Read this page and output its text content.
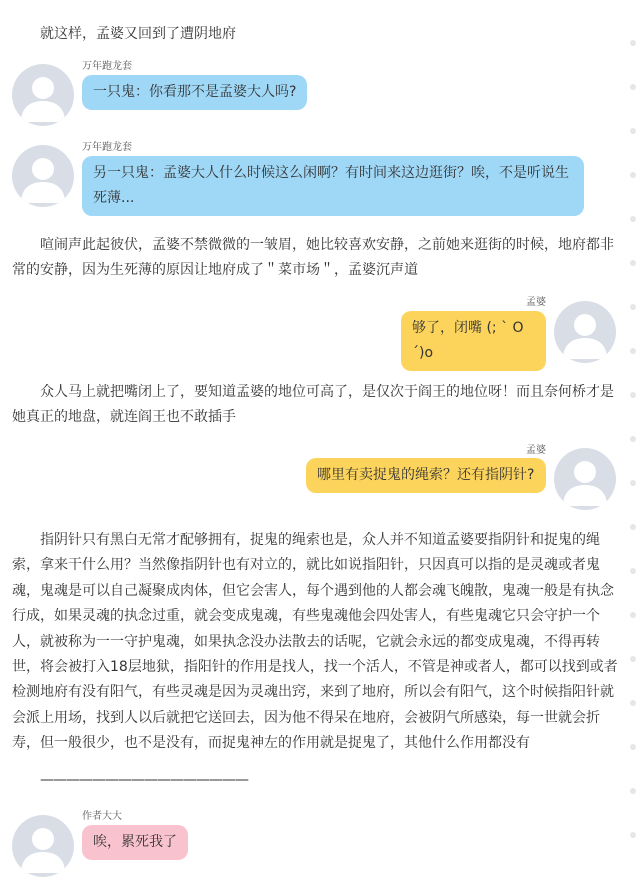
就这样，孟婆又回到了遭阴地府

万年跑龙套
一只鬼：你看那不是孟婆大人吗?
万年跑龙套
另一只鬼：孟婆大人什么时候这么闲啊？有时间来这边逛街？唉，不是听说生死薄...

喧闹声此起彼伏，孟婆不禁微微的一皱眉，她比较喜欢安静，之前她来逛街的时候，地府都非常的安静，因为生死薄的原因让地府成了＂菜市场＂，孟婆沉声道

孟婆
够了，闭嘴 (; ` O´)o

众人马上就把嘴闭上了，要知道孟婆的地位可高了，是仅次于阎王的地位呀！而且奈何桥才是她真正的地盘，就连阎王也不敢插手

孟婆
哪里有卖捉鬼的绳索？还有指阴针?

指阴针只有黑白无常才配够拥有，捉鬼的绳索也是，众人并不知道孟婆要指阴针和捉鬼的绳索，拿来干什么用？当然像指阴针也有对立的，就比如说指阳针，只因真可以指的是灵魂或者鬼魂，鬼魂是可以自己凝聚成肉体，但它会害人，每个遇到他的人都会魂飞魄散，鬼魂一般是有执念行成，如果灵魂的执念过重，就会变成鬼魂，有些鬼魂他会四处害人，有些鬼魂它只会守护一个人，就被称为一一守护鬼魂，如果执念没办法散去的话呢，它就会永远的都变成鬼魂，不得再转世，将会被打入18层地狱，指阳针的作用是找人，找一个活人，不管是神或者人，都可以找到或者检测地府有没有阳气，有些灵魂是因为灵魂出窍，来到了地府，所以会有阳气，这个时候指阳针就会派上用场，找到人以后就把它送回去，因为他不得呆在地府，会被阴气所感染，每一世就会折寿，但一般很少，也不是没有，而捉鬼神左的作用就是捉鬼了，其他什么作用都没有

————————————————
作者大大
唉，累死我了
